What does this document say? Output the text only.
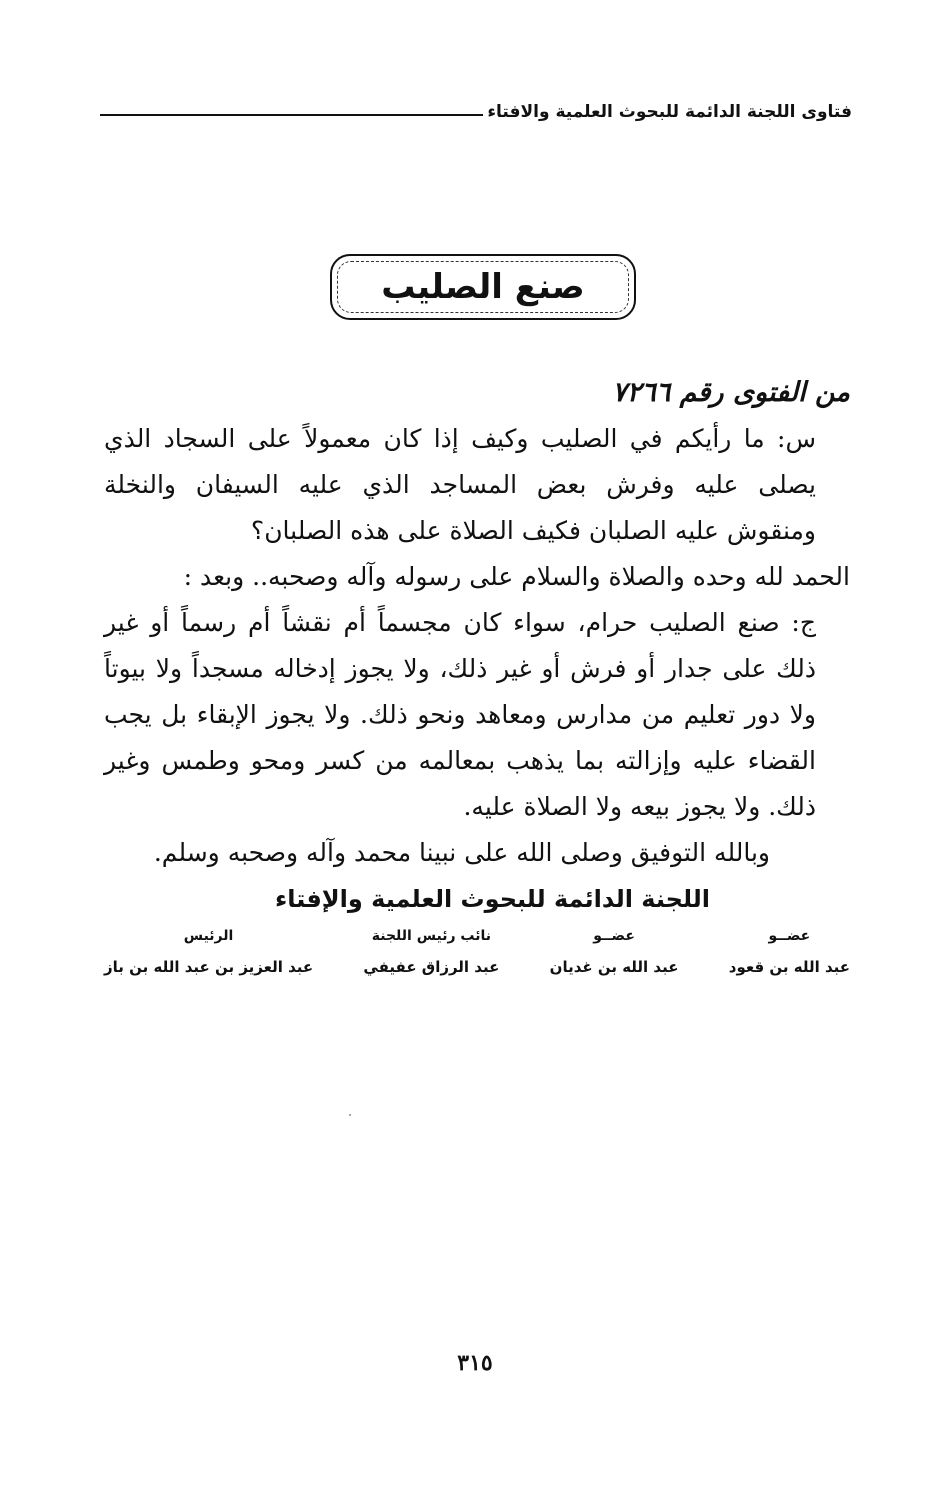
فتاوى اللجنة الدائمة للبحوث العلمية والافتاء
صنع الصليب
من الفتوى رقم ٧٢٦٦
س: ما رأيكم في الصليب وكيف إذا كان معمولاً على السجاد الذي يصلى عليه وفرش بعض المساجد الذي عليه السيفان والنخلة ومنقوش عليه الصلبان فكيف الصلاة على هذه الصلبان؟
الحمد لله وحده والصلاة والسلام على رسوله وآله وصحبه.. وبعد :
ج: صنع الصليب حرام، سواء كان مجسماً أم نقشاً أم رسماً أو غير ذلك على جدار أو فرش أو غير ذلك، ولا يجوز إدخاله مسجداً ولا بيوتاً ولا دور تعليم من مدارس ومعاهد ونحو ذلك. ولا يجوز الإبقاء بل يجب القضاء عليه وإزالته بما يذهب بمعالمه من كسر ومحو وطمس وغير ذلك. ولا يجوز بيعه ولا الصلاة عليه.
وبالله التوفيق وصلى الله على نبينا محمد وآله وصحبه وسلم.
اللجنة الدائمة للبحوث العلمية والإفتاء
عضــو
عبد الله بن قعود
عضــو
عبد الله بن غديان
نائب رئيس اللجنة
عبد الرزاق عفيفي
الرئيس
عبد العزيز بن عبد الله بن باز
٣١٥
